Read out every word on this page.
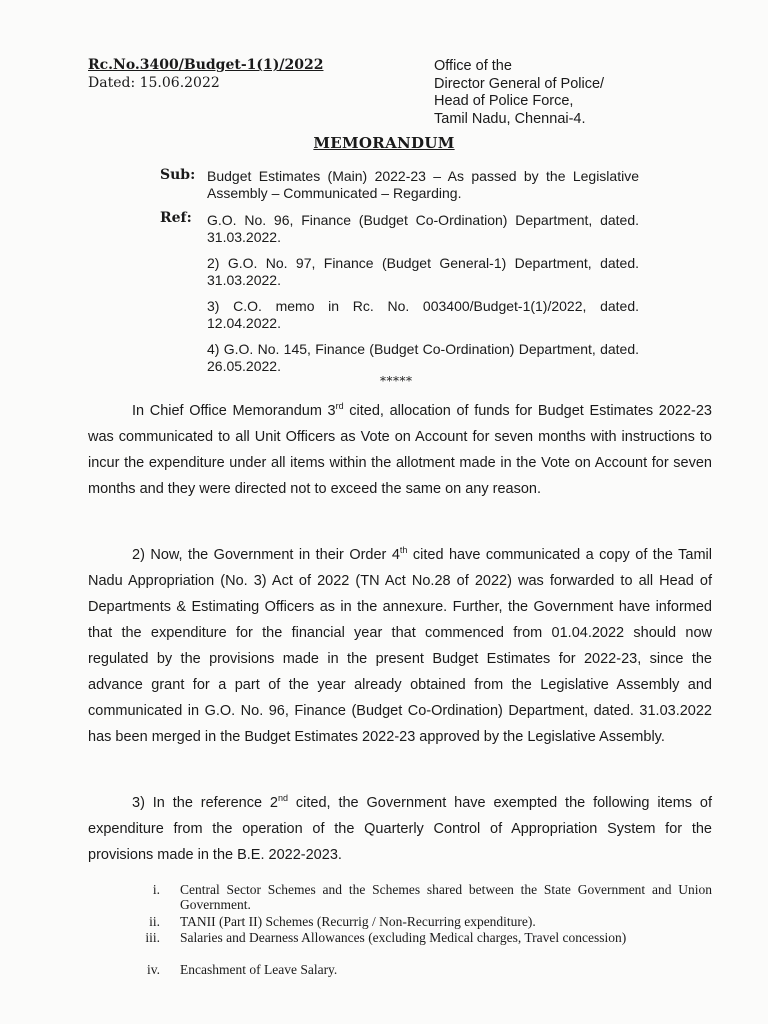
Rc.No.3400/Budget-1(1)/2022
Dated: 15.06.2022
Office of the
Director General of Police/
Head of Police Force,
Tamil Nadu, Chennai-4.
MEMORANDUM
Sub: Budget Estimates (Main) 2022-23 – As passed by the Legislative Assembly – Communicated – Regarding.
Ref: G.O. No. 96, Finance (Budget Co-Ordination) Department, dated. 31.03.2022.
2) G.O. No. 97, Finance (Budget General-1) Department, dated. 31.03.2022.
3) C.O. memo in Rc. No. 003400/Budget-1(1)/2022, dated. 12.04.2022.
4) G.O. No. 145, Finance (Budget Co-Ordination) Department, dated. 26.05.2022.
*****
In Chief Office Memorandum 3rd cited, allocation of funds for Budget Estimates 2022-23 was communicated to all Unit Officers as Vote on Account for seven months with instructions to incur the expenditure under all items within the allotment made in the Vote on Account for seven months and they were directed not to exceed the same on any reason.
2) Now, the Government in their Order 4th cited have communicated a copy of the Tamil Nadu Appropriation (No. 3) Act of 2022 (TN Act No.28 of 2022) was forwarded to all Head of Departments & Estimating Officers as in the annexure. Further, the Government have informed that the expenditure for the financial year that commenced from 01.04.2022 should now regulated by the provisions made in the present Budget Estimates for 2022-23, since the advance grant for a part of the year already obtained from the Legislative Assembly and communicated in G.O. No. 96, Finance (Budget Co-Ordination) Department, dated. 31.03.2022 has been merged in the Budget Estimates 2022-23 approved by the Legislative Assembly.
3) In the reference 2nd cited, the Government have exempted the following items of expenditure from the operation of the Quarterly Control of Appropriation System for the provisions made in the B.E. 2022-2023.
i. Central Sector Schemes and the Schemes shared between the State Government and Union Government.
ii. TANII (Part II) Schemes (Recurrig / Non-Recurring expenditure).
iii. Salaries and Dearness Allowances (excluding Medical charges, Travel concession)
iv. Encashment of Leave Salary.
